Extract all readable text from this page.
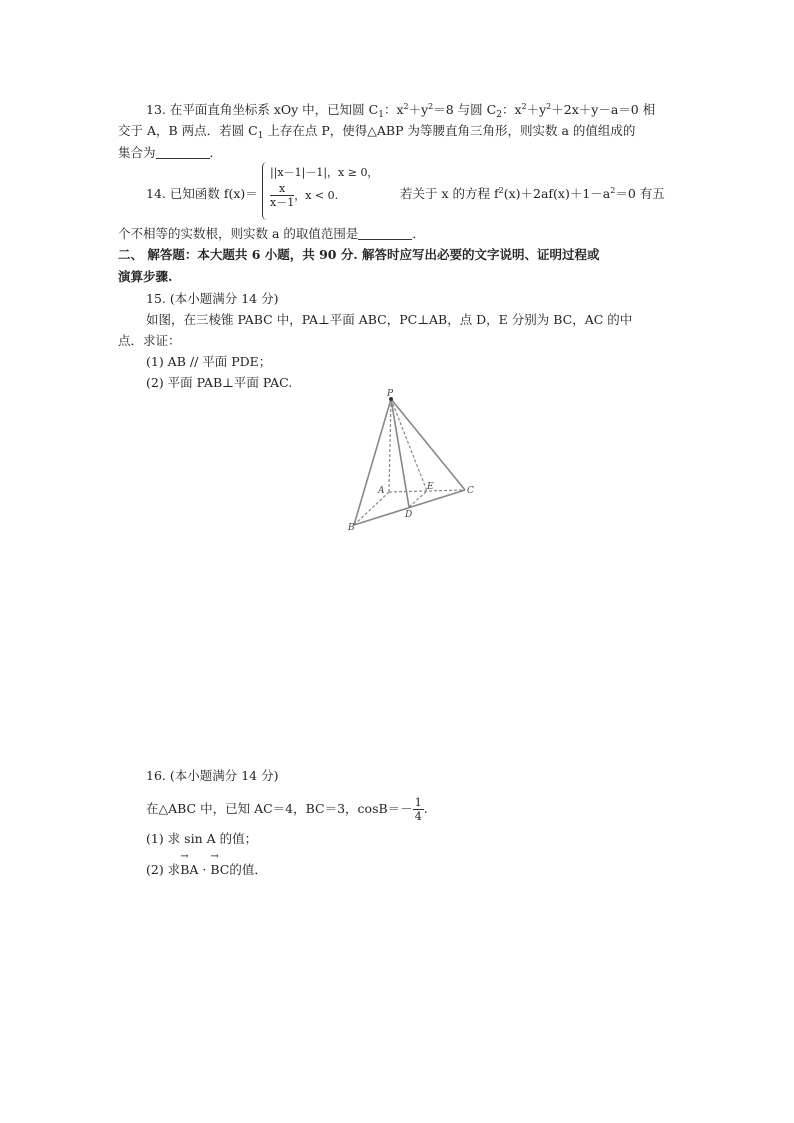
13. 在平面直角坐标系 xOy 中，已知圆 $C_1$：$x^2+y^2=8$ 与圆 $C_2$：$x^2+y^2+2x+y-a=0$ 相
交于 A，B 两点．若圆 $C_1$ 上存在点 P，使得△ABP 为等腰直角三角形，则实数 a 的值组成的
集合为	．
14. 已知函数 f(x)＝
||x－1|－1|，x ≥ 0，
$\frac{x}{x-1}$ ，x < 0.	若关于 x 的方程 $f^2(x)+2af(x)+1-a^2=0$ 有五
个不相等的实数根，则实数 a 的取值范围是	．
二、 解答题：本大题共 6 小题，共 90 分. 解答时应写出必要的文字说明、证明过程或
演算步骤.
15. (本小题满分 14 分)
如图，在三棱锥 PABC 中，PA⊥平面 ABC，PC⊥AB，点 D，E 分别为 BC，AC 的中
点．求证：
(1) AB // 平面 PDE；
(2) 平面 PAB⊥平面 PAC.
P
A
B
C
D
E
16. (本小题满分 14 分)
在△ABC 中，已知 AC＝4，BC＝3，$\cos B=- \frac{1}{4}$ .
(1) 求 sin A 的值；
(2) 求→ BA · → BC的值．
